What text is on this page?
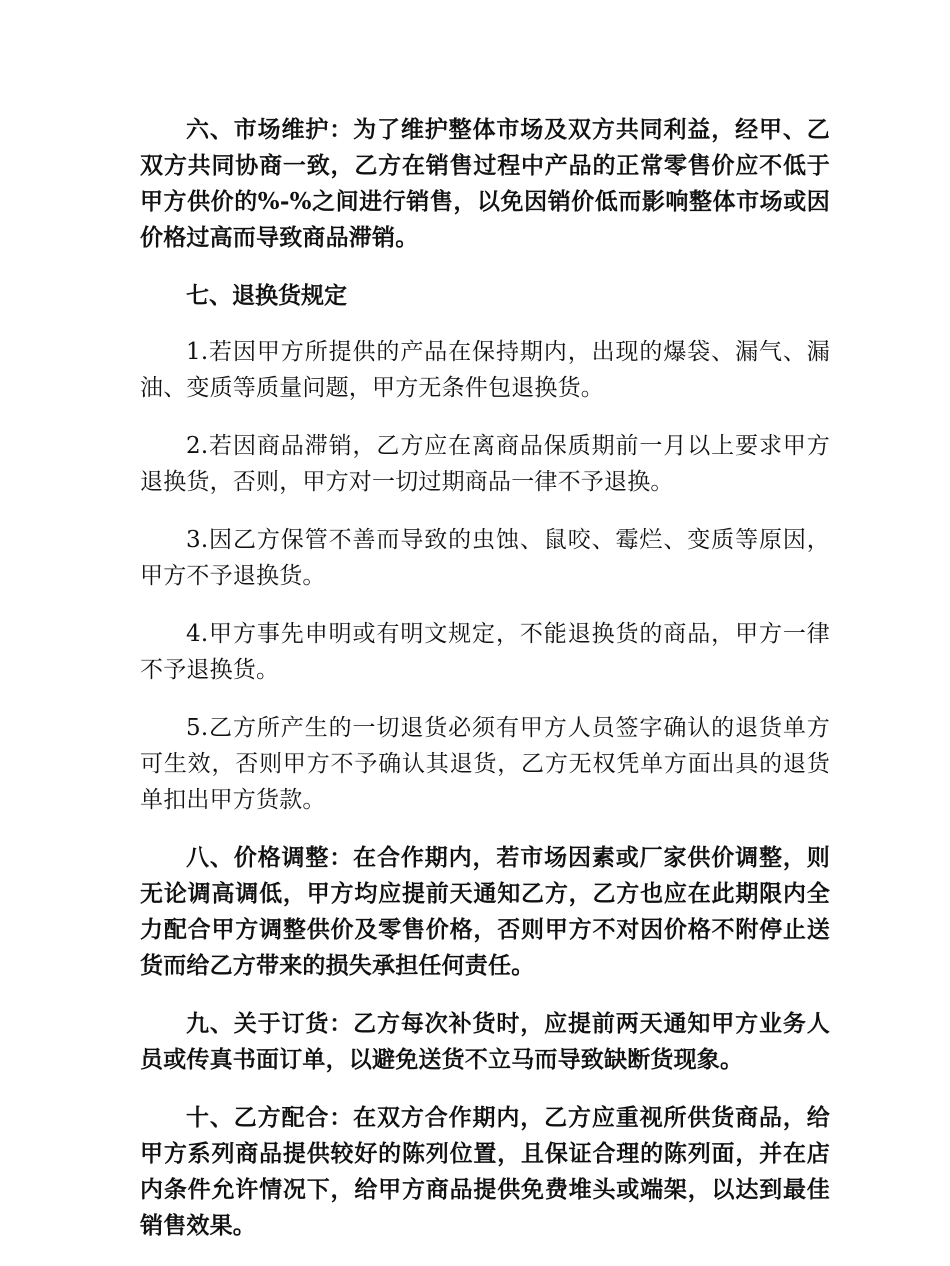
六、市场维护：为了维护整体市场及双方共同利益，经甲、乙双方共同协商一致，乙方在销售过程中产品的正常零售价应不低于甲方供价的%-%之间进行销售，以免因销价低而影响整体市场或因价格过高而导致商品滞销。

七、退换货规定

1.若因甲方所提供的产品在保持期内，出现的爆袋、漏气、漏油、变质等质量问题，甲方无条件包退换货。

2.若因商品滞销，乙方应在离商品保质期前一月以上要求甲方退换货，否则，甲方对一切过期商品一律不予退换。

3.因乙方保管不善而导致的虫蚀、鼠咬、霉烂、变质等原因，甲方不予退换货。

4.甲方事先申明或有明文规定，不能退换货的商品，甲方一律不予退换货。

5.乙方所产生的一切退货必须有甲方人员签字确认的退货单方可生效，否则甲方不予确认其退货，乙方无权凭单方面出具的退货单扣出甲方货款。

八、价格调整：在合作期内，若市场因素或厂家供价调整，则无论调高调低，甲方均应提前天通知乙方，乙方也应在此期限内全力配合甲方调整供价及零售价格，否则甲方不对因价格不附停止送货而给乙方带来的损失承担任何责任。

九、关于订货：乙方每次补货时，应提前两天通知甲方业务人员或传真书面订单，以避免送货不立马而导致缺断货现象。

十、乙方配合：在双方合作期内，乙方应重视所供货商品，给甲方系列商品提供较好的陈列位置，且保证合理的陈列面，并在店内条件允许情况下，给甲方商品提供免费堆头或端架，以达到最佳销售效果。
